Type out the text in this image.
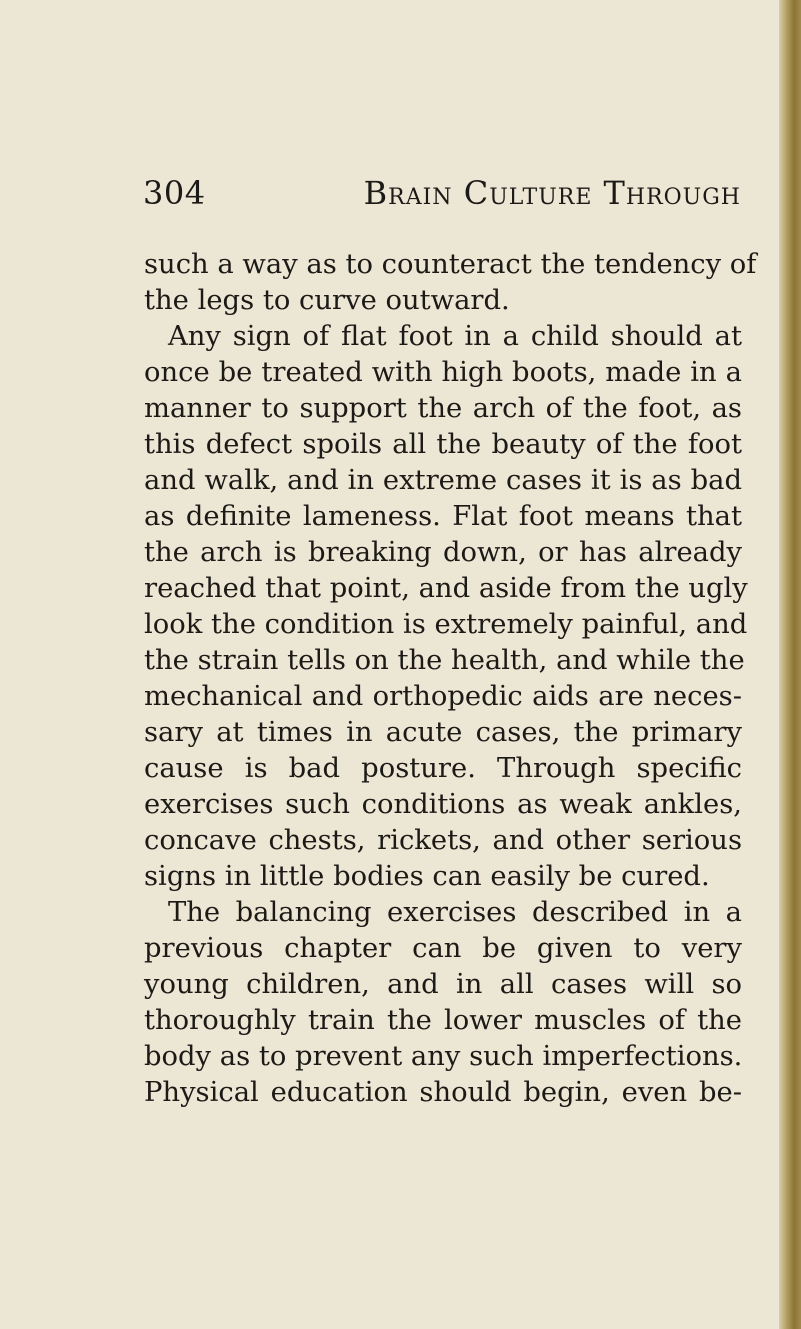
304	Brain Culture Through
such a way as to counteract the tendency of
the legs to curve outward.
Any sign of flat foot in a child should at
once be treated with high boots, made in a
manner to support the arch of the foot, as
this defect spoils all the beauty of the foot
and walk, and in extreme cases it is as bad
as definite lameness. Flat foot means that
the arch is breaking down, or has already
reached that point, and aside from the ugly
look the condition is extremely painful, and
the strain tells on the health, and while the
mechanical and orthopedic aids are neces-
sary at times in acute cases, the primary
cause is bad posture. Through specific
exercises such conditions as weak ankles,
concave chests, rickets, and other serious
signs in little bodies can easily be cured.
The balancing exercises described in a
previous chapter can be given to very
young children, and in all cases will so
thoroughly train the lower muscles of the
body as to prevent any such imperfections.
Physical education should begin, even be-
